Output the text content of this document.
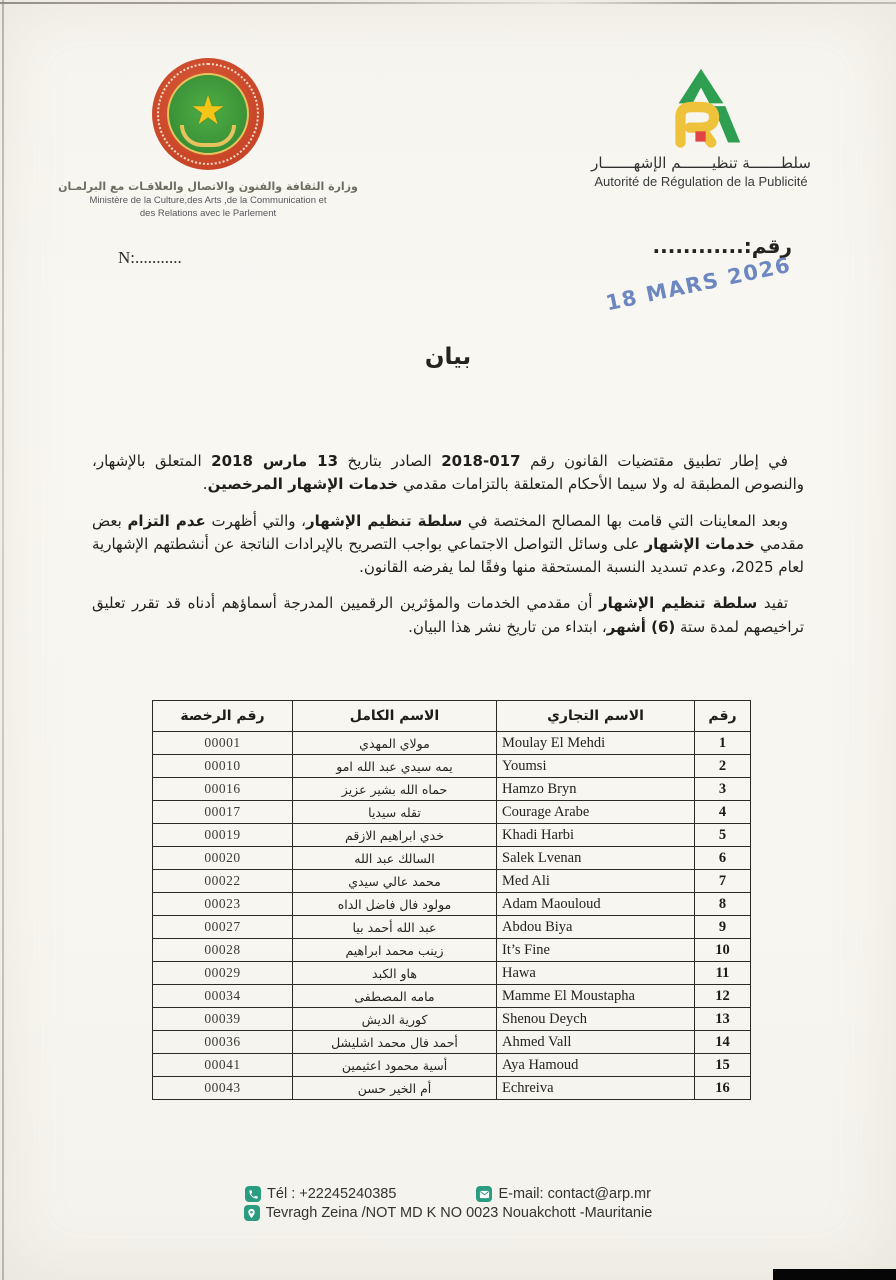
★
وزارة الثقافة والفنون والاتصال والعلاقـات مع البرلمـان
Ministère de la Culture,des Arts ,de la Communication et
des Relations avec le Parlement
سلطـــــــة تنظيـــــــم الإشهـــــــار
Autorité de Régulation de la Publicité
N:...........	رقم:............
18 MARS 2026
بيان

في إطار تطبيق مقتضيات القانون رقم 017-2018 الصادر بتاريخ 13 مارس 2018 المتعلق بالإشهار، والنصوص المطبقة له ولا سيما الأحكام المتعلقة بالتزامات مقدمي خدمات الإشهار المرخصين.

وبعد المعاينات التي قامت بها المصالح المختصة في سلطة تنظيم الإشهار، والتي أظهرت عدم التزام بعض مقدمي خدمات الإشهار على وسائل التواصل الاجتماعي بواجب التصريح بالإيرادات الناتجة عن أنشطتهم الإشهارية لعام 2025، وعدم تسديد النسبة المستحقة منها وفقًا لما يفرضه القانون.

تفيد سلطة تنظيم الإشهار أن مقدمي الخدمات والمؤثرين الرقميين المدرجة أسماؤهم أدناه قد تقرر تعليق تراخيصهم لمدة ستة (6) أشهر، ابتداء من تاريخ نشر هذا البيان.

رقم الرخصة	الاسم الكامل	الاسم التجاري	رقم
00001	مولاي المهدي	Moulay El Mehdi	1
00010	يمه سيدي عبد الله امو	Youmsi	2
00016	حماه الله بشير عزيز	Hamzo Bryn	3
00017	تقله سيديا	Courage Arabe	4
00019	خدي ابراهيم الازقم	Khadi Harbi	5
00020	السالك عبد الله	Salek Lvenan	6
00022	محمد عالي سيدي	Med Ali	7
00023	مولود فال فاضل الداه	Adam Maouloud	8
00027	عبد الله أحمد بيا	Abdou Biya	9
00028	زينب محمد ابراهيم	It’s Fine	10
00029	هاو الكبد	Hawa	11
00034	مامه المصطفى	Mamme El Moustapha	12
00039	كورية الديش	Shenou Deych	13
00036	أحمد فال محمد اشليشل	Ahmed Vall	14
00041	أسية محمود اعثيمين	Aya Hamoud	15
00043	أم الخير حسن	Echreiva	16
Tél : +22245240385	E-mail: contact@arp.mr
Tevragh Zeina /NOT MD K NO 0023 Nouakchott -Mauritanie
